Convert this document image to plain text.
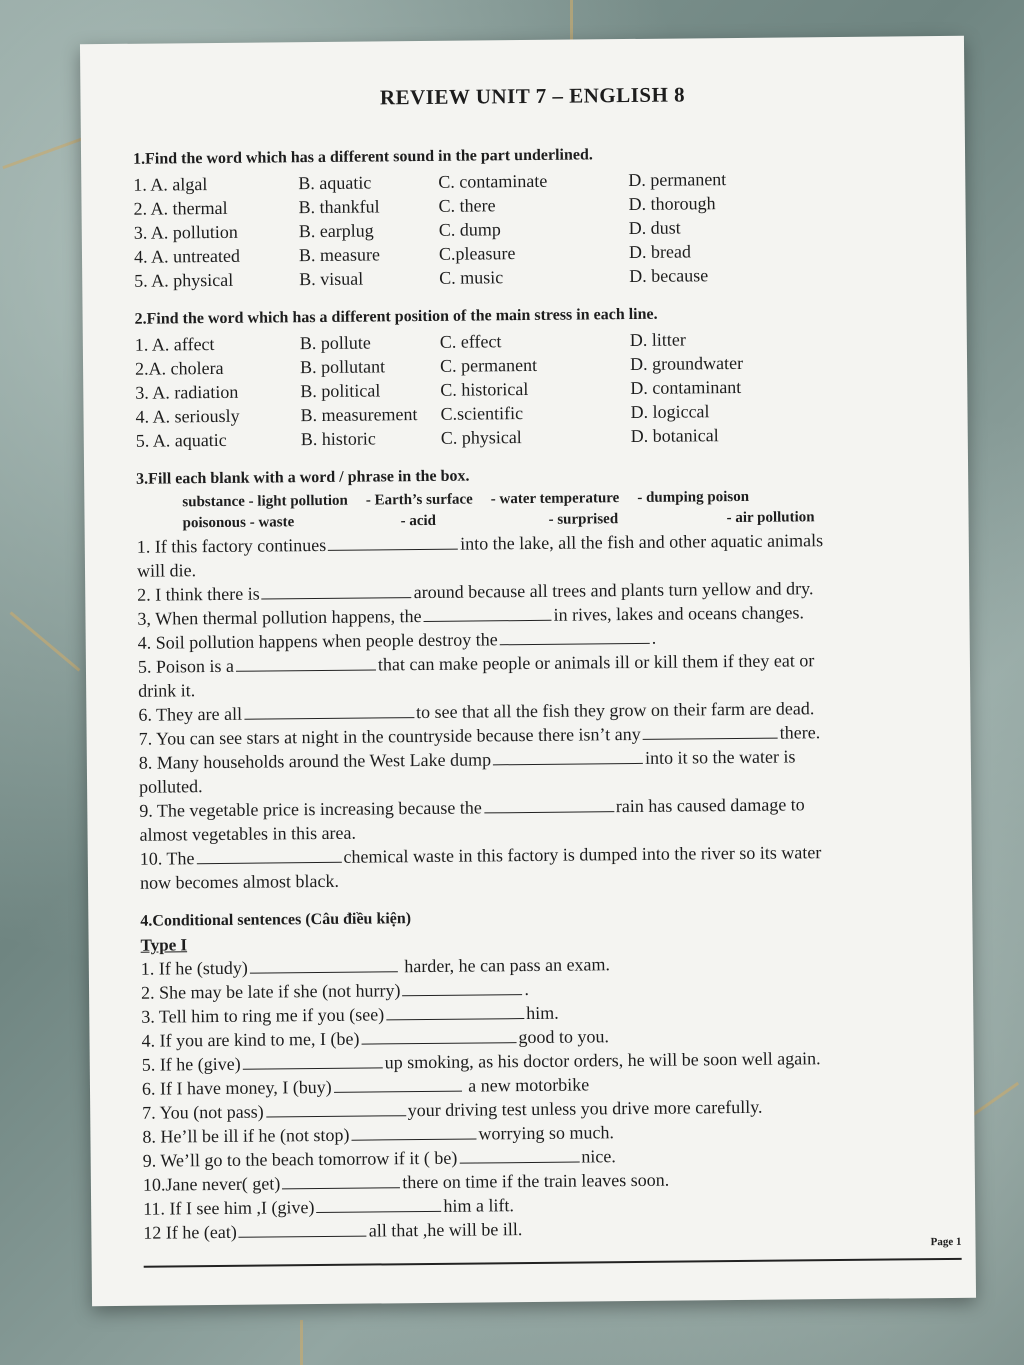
REVIEW UNIT 7 – ENGLISH 8
1.Find the word which has a different sound in the part underlined.
1. A. algal	B. aquatic	C. contaminate	D. permanent
2. A. thermal	B. thankful	C. there	D. thorough
3. A. pollution	B. earplug	C. dump	D. dust
4. A. untreated	B. measure	C.pleasure	D. bread
5. A. physical	B. visual	C. music	D. because
2.Find the word which has a different position of the main stress in each line.
1. A. affect	B. pollute	C. effect	D. litter
2.A. cholera	B. pollutant	C. permanent	D. groundwater
3. A. radiation	B. political	C. historical	D. contaminant
4. A. seriously	B. measurement	C.scientific	D. logiccal
5. A. aquatic	B. historic	C. physical	D. botanical
3.Fill each blank with a word / phrase in the box.
substance - light pollution - Earth’s surface - water temperature - dumping poison
poisonous - waste	- acid	- surprised	- air pollution
1. If this factory continues	into the lake, all the fish and other aquatic animals
will die.
2. I think there is	around because all trees and plants turn yellow and dry.
3, When thermal pollution happens, the	in rives, lakes and oceans changes.
4. Soil pollution happens when people destroy the	.
5. Poison is a	that can make people or animals ill or kill them if they eat or
drink it.
6. They are all	to see that all the fish they grow on their farm are dead.
7. You can see stars at night in the countryside because there isn’t any	there.
8. Many households around the West Lake dump	into it so the water is
polluted.
9. The vegetable price is increasing because the	rain has caused damage to
almost vegetables in this area.
10. The	chemical waste in this factory is dumped into the river so its water
now becomes almost black.
4.Conditional sentences (Câu điều kiện)
Type I
1. If he (study)	harder, he can pass an exam.
2. She may be late if she (not hurry)	.
3. Tell him to ring me if you (see)	him.
4. If you are kind to me, I (be)	good to you.
5. If he (give)	up smoking, as his doctor orders, he will be soon well again.
6. If I have money, I (buy)	a new motorbike
7. You (not pass)	your driving test unless you drive more carefully.
8. He’ll be ill if he (not stop)	worrying so much.
9. We’ll go to the beach tomorrow if it ( be)	nice.
10.Jane never( get)	there on time if the train leaves soon.
11. If I see him ,I (give)	him a lift.
12 If he (eat)	all that ,he will be ill.
Page 1
